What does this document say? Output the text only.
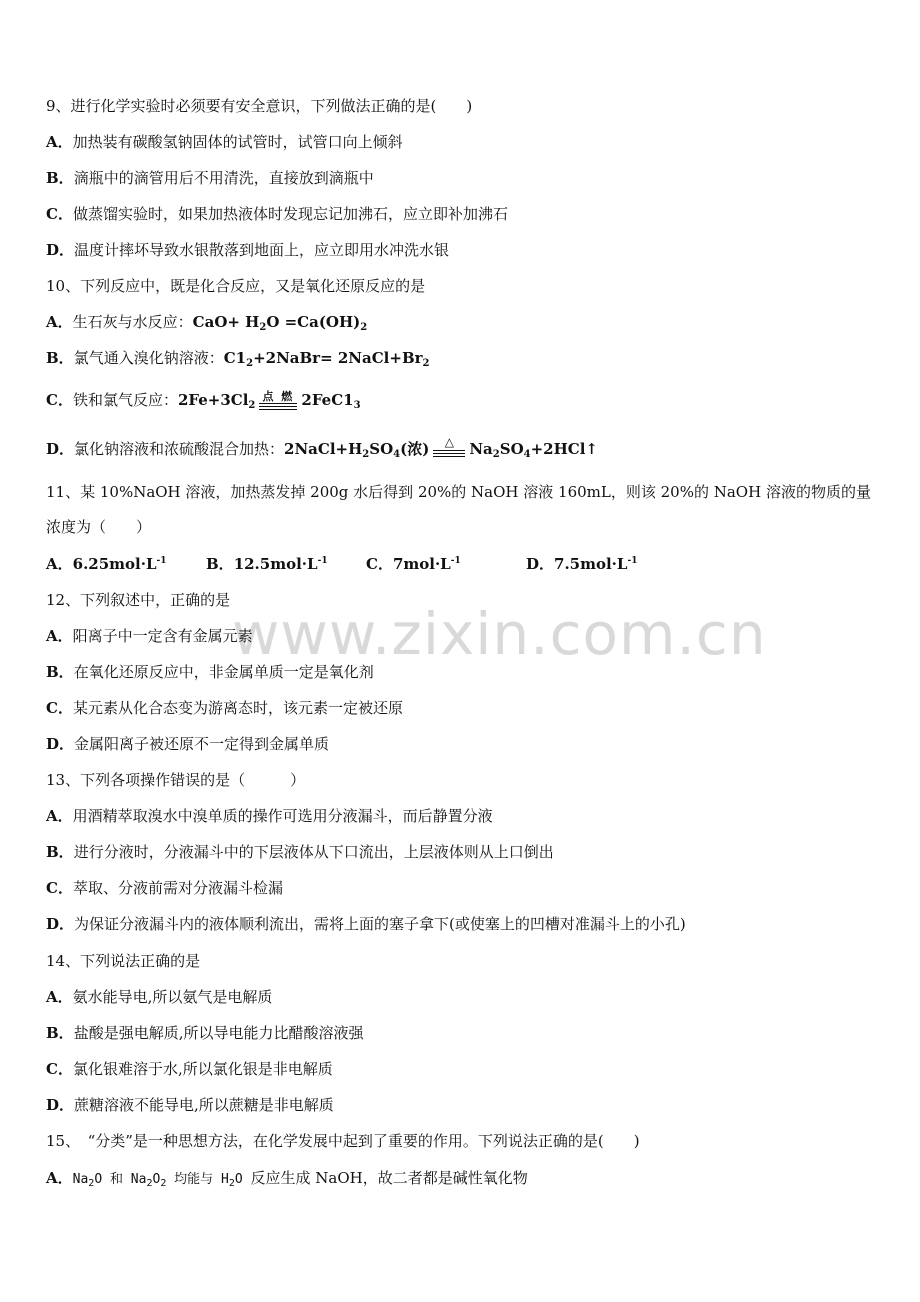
www.zixin.com.cn
9、进行化学实验时必须要有安全意识，下列做法正确的是(　　)
A．加热装有碳酸氢钠固体的试管时，试管口向上倾斜
B．滴瓶中的滴管用后不用清洗，直接放到滴瓶中
C．做蒸馏实验时，如果加热液体时发现忘记加沸石，应立即补加沸石
D．温度计摔坏导致水银散落到地面上，应立即用水冲洗水银
10、下列反应中，既是化合反应，又是氧化还原反应的是
A．生石灰与水反应：$CaO+ H_2O =Ca(OH)_2$
B．氯气通入溴化钠溶液：$C1_2+2NaBr=$ $2NaCl+Br_2$
C．铁和氯气反应：$2Fe+3Cl_2$
点 燃 $2FeC1_3$
D．氯化钠溶液和浓硫酸混合加热：$2NaCl+H_2SO_4$(浓)	△	$Na_2SO_4+2HCl↑$
11、某 10%NaOH 溶液，加热蒸发掉 200g 水后得到 20%的 NaOH 溶液 160mL，则该 20%的 NaOH 溶液的物质的量
浓度为（　　）
A．$6.25mol\cdot L^{-1}$	B．$12.5mol\cdot L^{-1}$	C．$7mol\cdot L^{-1}$	D．$7.5mol\cdot L^{-1}$
12、下列叙述中，正确的是
A．阳离子中一定含有金属元素
B．在氧化还原反应中，非金属单质一定是氧化剂
C．某元素从化合态变为游离态时，该元素一定被还原
D．金属阳离子被还原不一定得到金属单质
13、下列各项操作错误的是（　　　）
A．用酒精萃取溴水中溴单质的操作可选用分液漏斗，而后静置分液
B．进行分液时，分液漏斗中的下层液体从下口流出，上层液体则从上口倒出
C．萃取、分液前需对分液漏斗检漏
D．为保证分液漏斗内的液体顺利流出，需将上面的塞子拿下(或使塞上的凹槽对准漏斗上的小孔)
14、下列说法正确的是
A．氨水能导电,所以氨气是电解质
B．盐酸是强电解质,所以导电能力比醋酸溶液强
C．氯化银难溶于水,所以氯化银是非电解质
D．蔗糖溶液不能导电,所以蔗糖是非电解质
15、　“分类”是一种思想方法，在化学发展中起到了重要的作用。下列说法正确的是(　　)
A．$Na_2O$ 和 $Na_2O_2$ 均能与 $H_2O$ 反应生成 NaOH，故二者都是碱性氧化物
